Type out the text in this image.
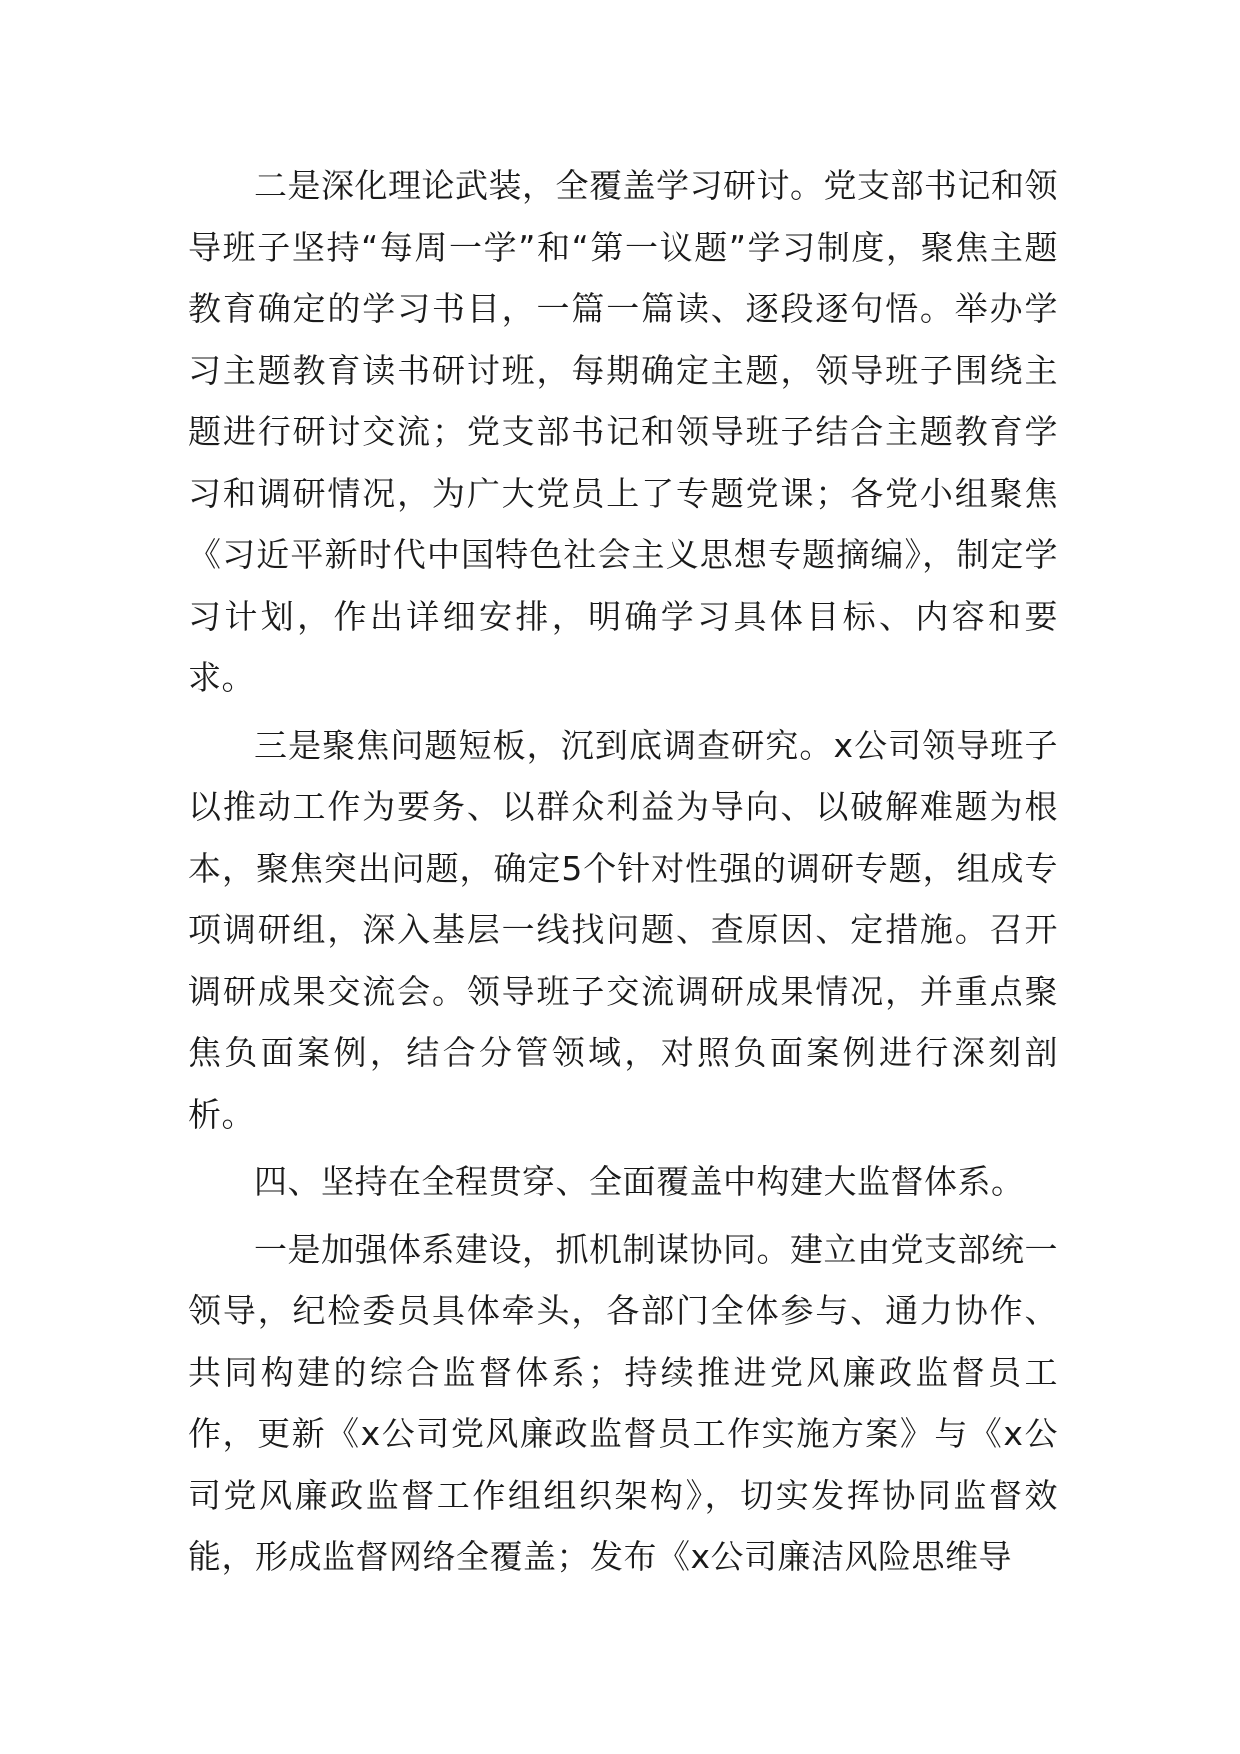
二是深化理论武装，全覆盖学习研讨。党支部书记和领导班子坚持“每周一学”和“第一议题”学习制度，聚焦主题教育确定的学习书目，一篇一篇读、逐段逐句悟。举办学习主题教育读书研讨班，每期确定主题，领导班子围绕主题进行研讨交流；党支部书记和领导班子结合主题教育学习和调研情况，为广大党员上了专题党课；各党小组聚焦《习近平新时代中国特色社会主义思想专题摘编》，制定学习计划，作出详细安排，明确学习具体目标、内容和要求。

三是聚焦问题短板，沉到底调查研究。x公司领导班子以推动工作为要务、以群众利益为导向、以破解难题为根本，聚焦突出问题，确定5个针对性强的调研专题，组成专项调研组，深入基层一线找问题、查原因、定措施。召开调研成果交流会。领导班子交流调研成果情况，并重点聚焦负面案例，结合分管领域，对照负面案例进行深刻剖析。

四、坚持在全程贯穿、全面覆盖中构建大监督体系。

一是加强体系建设，抓机制谋协同。建立由党支部统一领导，纪检委员具体牵头，各部门全体参与、通力协作、共同构建的综合监督体系；持续推进党风廉政监督员工作，更新《x公司党风廉政监督员工作实施方案》与《x公司党风廉政监督工作组组织架构》，切实发挥协同监督效能，形成监督网络全覆盖；发布《x公司廉洁风险思维导
